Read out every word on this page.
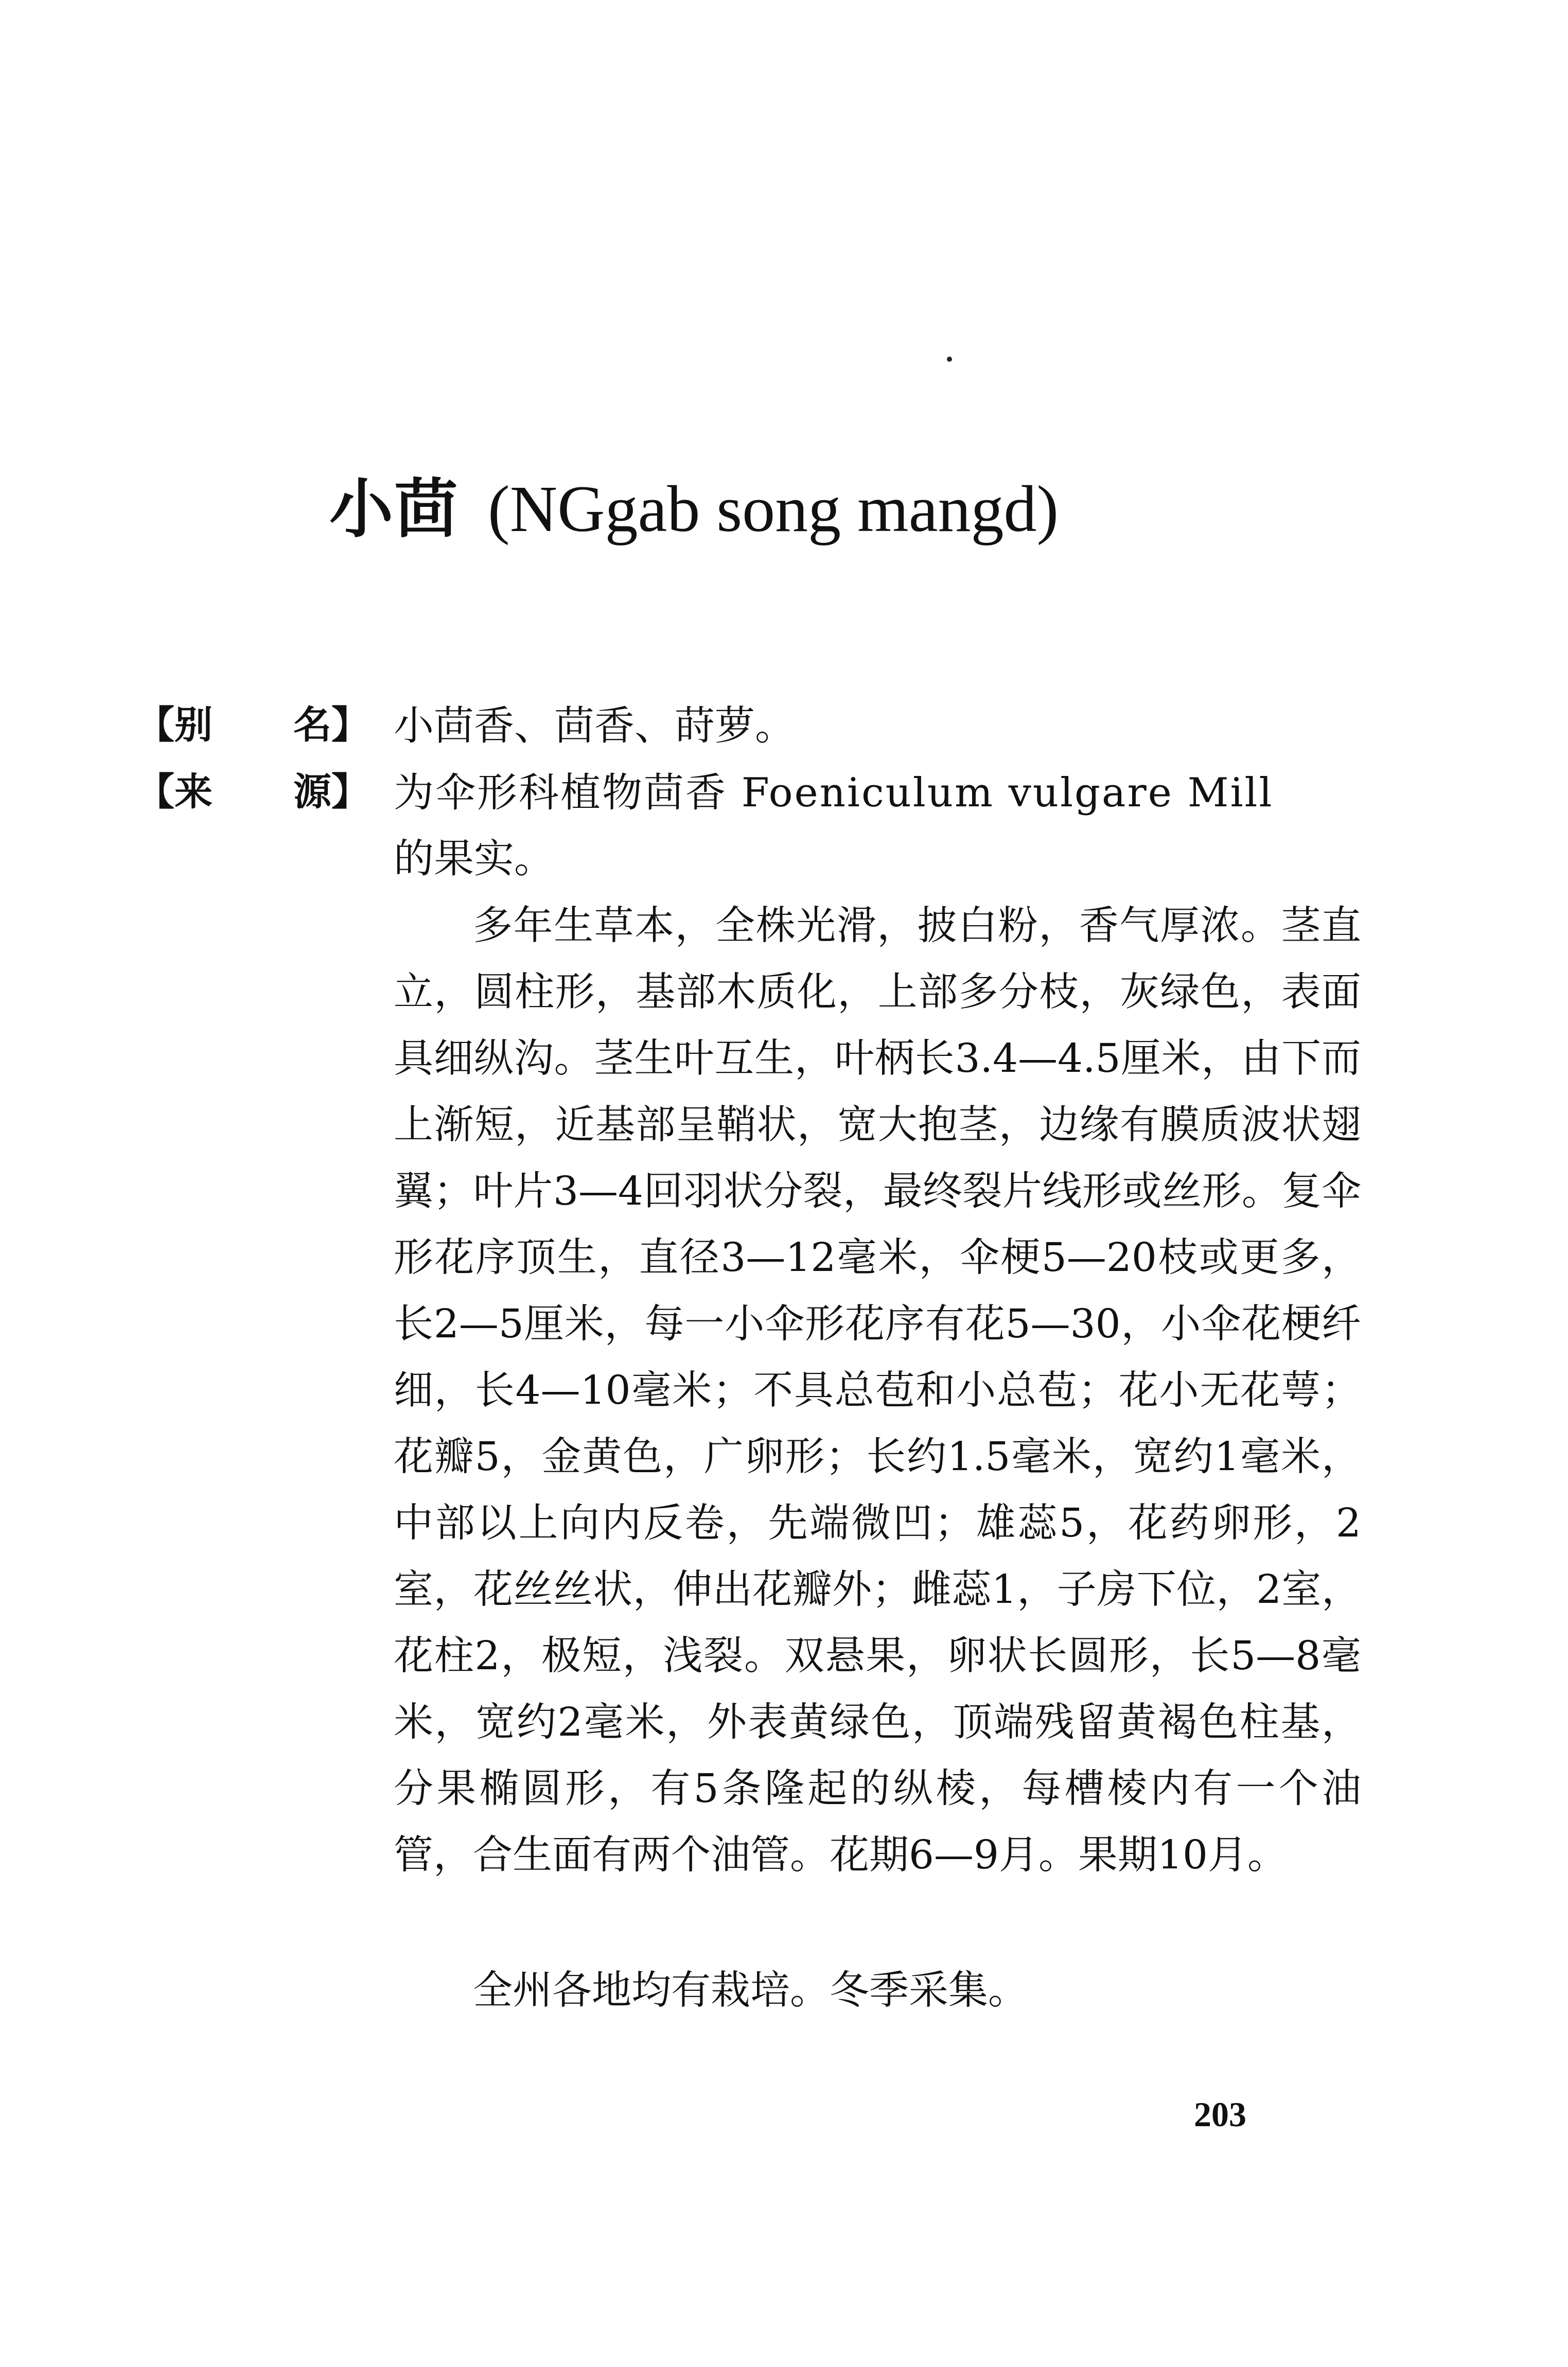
小茴 (NGgab song mangd)
【别 名】 小茴香、茴香、莳萝。
【来 源】 为伞形科植物茴香 Foeniculum vulgare Mill
的果实。

多年生草本，全株光滑，披白粉，香气厚浓。茎直立，圆柱形，基部木质化，上部多分枝，灰绿色，表面具细纵沟。茎生叶互生，叶柄长3.4—4.5厘米，由下而上渐短，近基部呈鞘状，宽大抱茎，边缘有膜质波状翅翼；叶片3—4回羽状分裂，最终裂片线形或丝形。复伞形花序顶生，直径3—12毫米，伞梗5—20枝或更多，长2—5厘米，每一小伞形花序有花5—30，小伞花梗纤细，长4—10毫米；不具总苞和小总苞；花小无花萼；花瓣5，金黄色，广卵形；长约1.5毫米，宽约1毫米，中部以上向内反卷，先端微凹；雄蕊5，花药卵形，2室，花丝丝状，伸出花瓣外；雌蕊1，子房下位，2室，花柱2，极短，浅裂。双悬果，卵状长圆形，长5—8毫米，宽约2毫米，外表黄绿色，顶端残留黄褐色柱基，分果椭圆形，有5条隆起的纵棱，每槽棱内有一个油管，合生面有两个油管。花期6—9月。果期10月。

全州各地均有栽培。冬季采集。

203
